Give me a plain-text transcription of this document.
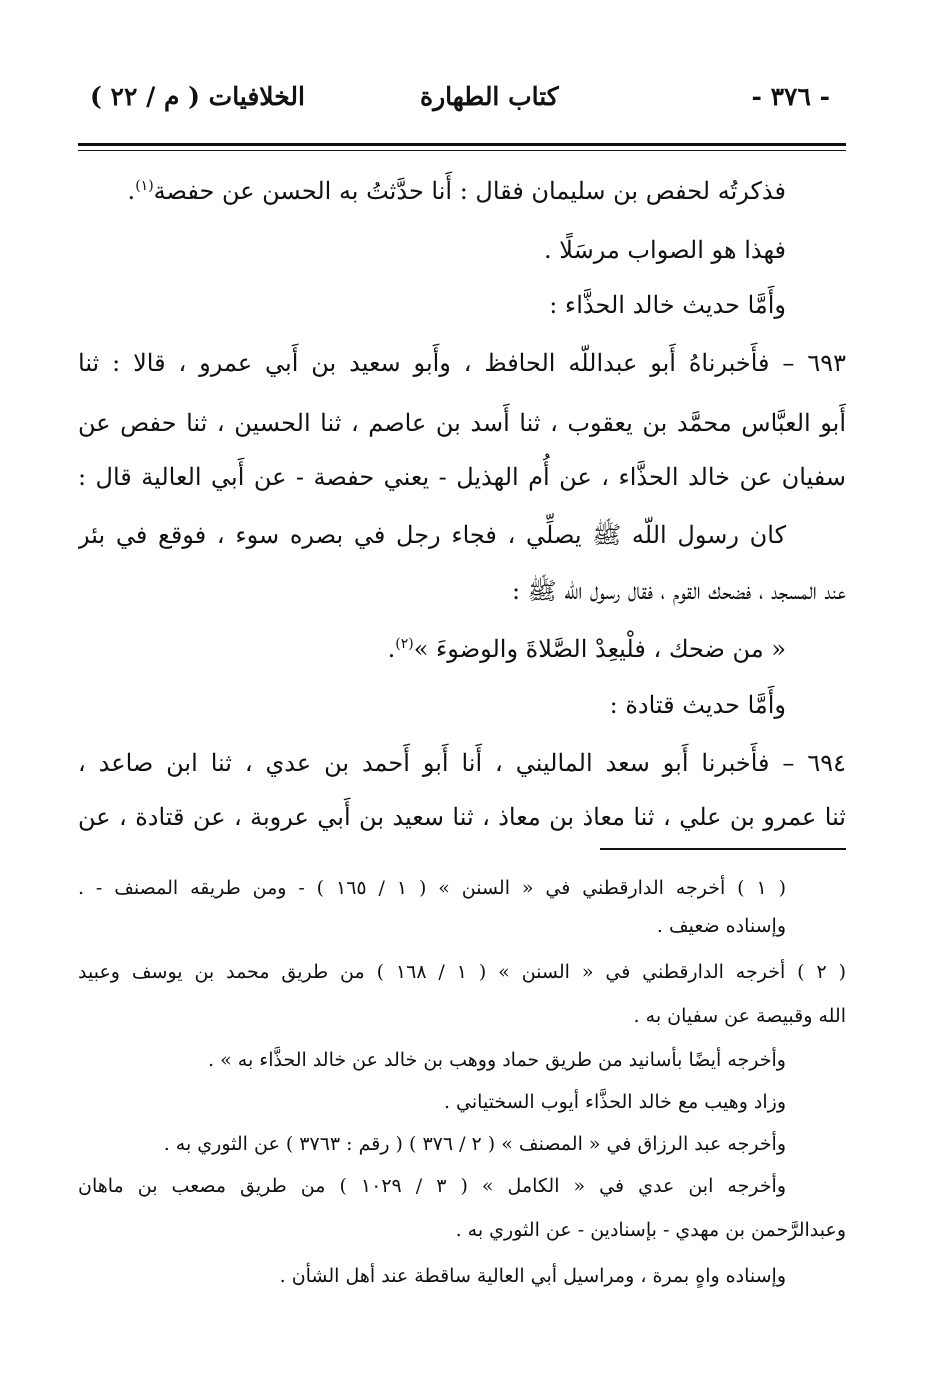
- ٣٧٦ -
كتاب الطهارة
الخلافيات ( م / ٢٢ )
فذكرتُه لحفص بن سليمان فقال : أَنا حدَّثتُ به الحسن عن حفصة$^{(١)}$.
فهذا هو الصواب مرسَلًا .
وأَمَّا حديث خالد الحذَّاء :
٦٩٣ – فأَخبرناهُ أَبو عبداللّه الحافظ ، وأَبو سعيد بن أَبي عمرو ، قالا : ثنا
أَبو العبَّاس محمَّد بن يعقوب ، ثنا أَسد بن عاصم ، ثنا الحسين ، ثنا حفص عن
سفيان عن خالد الحذَّاء ، عن أُم الهذيل - يعني حفصة - عن أَبي العالية قال :
كان رسول اللّه ﷺ يصلِّي ، فجاء رجل في بصره سوء ، فوقع في بئر
عند المسجد ، فضحك القوم ، فقال رسول اللّه ﷺ :
« من ضحك ، فلْيعِدْ الصَّلاةَ والوضوءَ »$^{(٢)}$.
وأَمَّا حديث قتادة :
٦٩٤ – فأَخبرنا أَبو سعد الماليني ، أَنا أَبو أَحمد بن عدي ، ثنا ابن صاعد ،
ثنا عمرو بن علي ، ثنا معاذ بن معاذ ، ثنا سعيد بن أَبي عروبة ، عن قتادة ، عن
( ١ ) أخرجه الدارقطني في « السنن » ( ١ / ١٦٥ ) - ومن طريقه المصنف - .
وإسناده ضعيف .
( ٢ ) أخرجه الدارقطني في « السنن » ( ١ / ١٦٨ ) من طريق محمد بن يوسف وعبيد
الله وقبيصة عن سفيان به .
وأخرجه أيضًا بأسانيد من طريق حماد ووهب بن خالد عن خالد الحذَّاء به » .
وزاد وهيب مع خالد الحذَّاء أيوب السختياني .
وأخرجه عبد الرزاق في « المصنف » ( ٢ / ٣٧٦ ) ( رقم : ٣٧٦٣ ) عن الثوري به .
وأخرجه ابن عدي في « الكامل » ( ٣ / ١٠٢٩ ) من طريق مصعب بن ماهان
وعبدالرَّحمن بن مهدي - بإسنادين - عن الثوري به .
وإسناده واهٍ بمرة ، ومراسيل أبي العالية ساقطة عند أهل الشأن .
